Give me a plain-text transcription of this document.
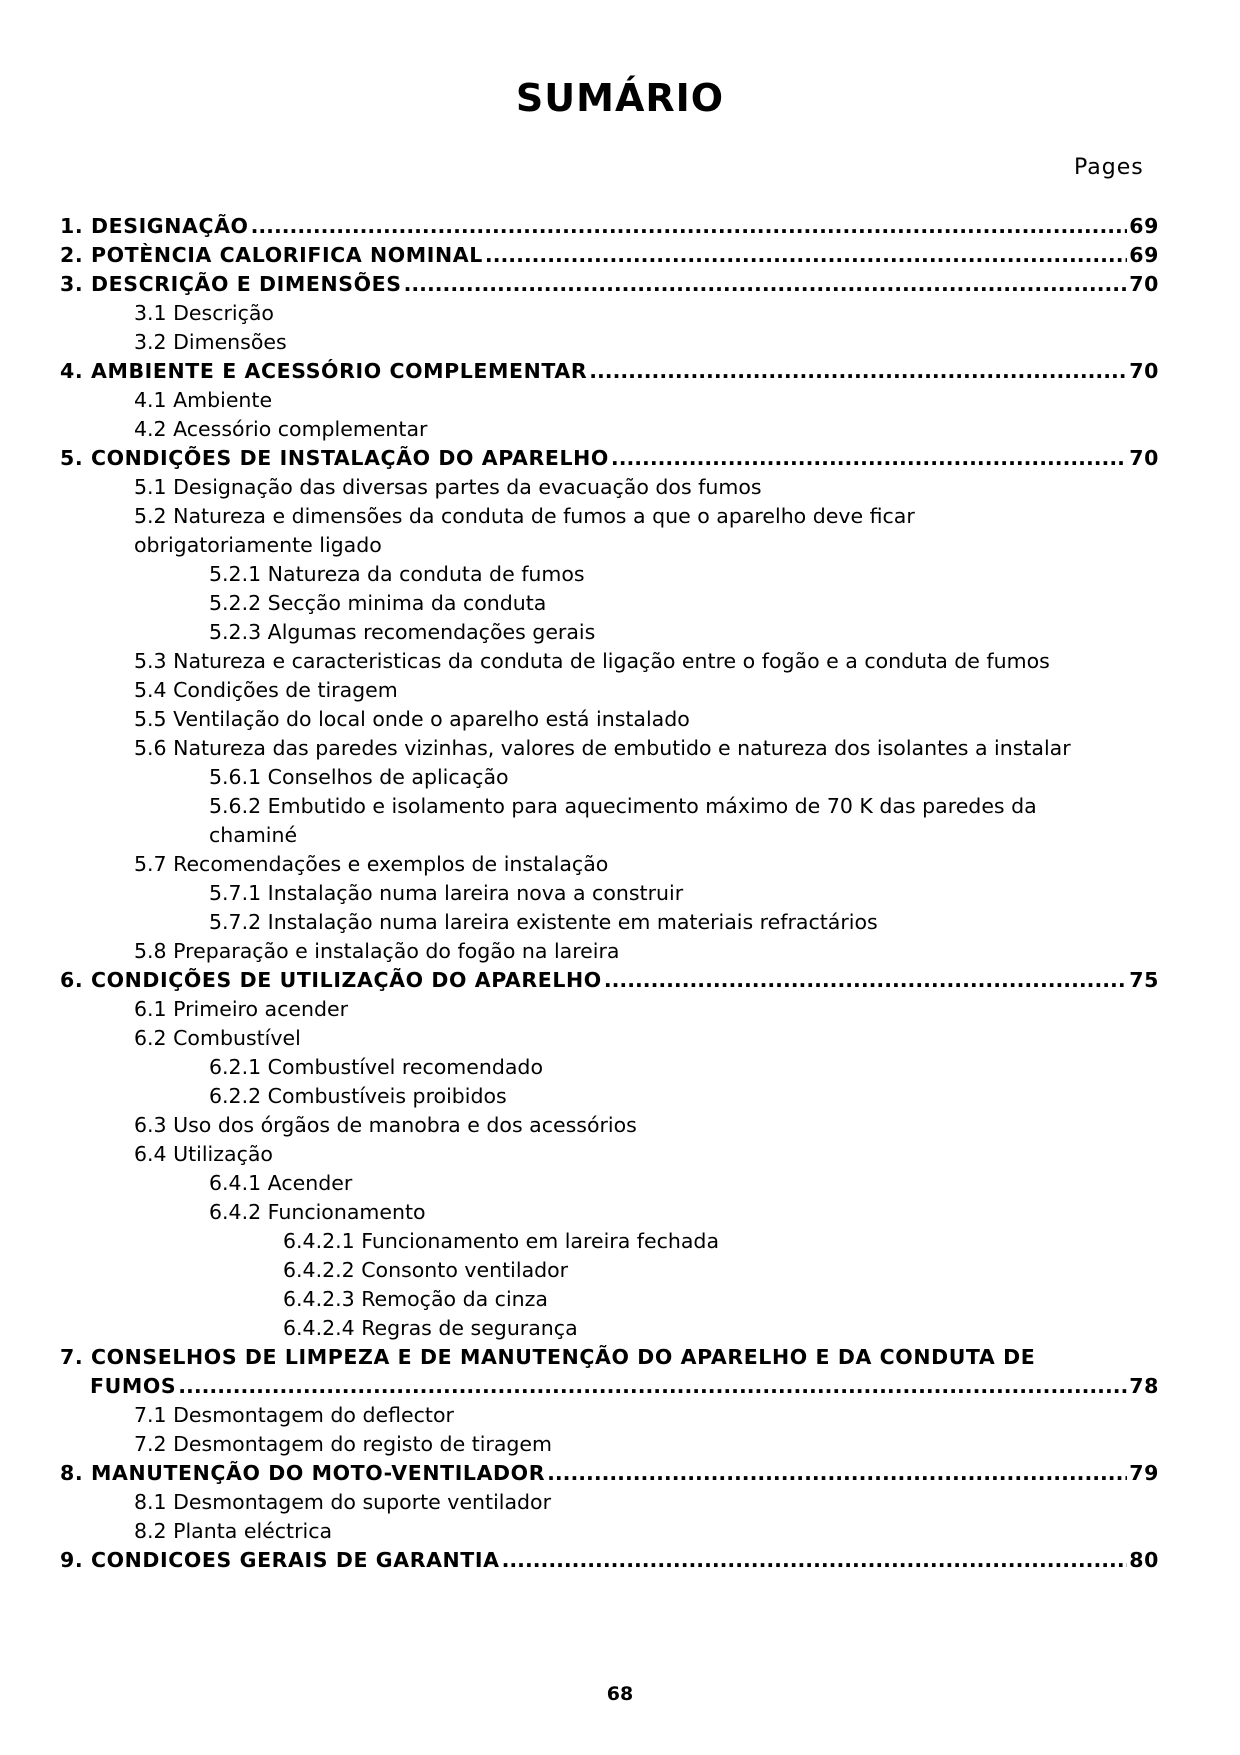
SUMÁRIO
Pages
1. DESIGNAÇÃO .....	69
2. POTÈNCIA CALORIFICA NOMINAL .....	69
3. DESCRIÇÃO E DIMENSÕES .....	70
3.1 Descrição
3.2 Dimensões
4. AMBIENTE E ACESSÓRIO COMPLEMENTAR .....	70
4.1 Ambiente
4.2 Acessório complementar
5. CONDIÇÕES DE INSTALAÇÃO DO APARELHO .....	70
5.1 Designação das diversas partes da evacuação dos fumos
5.2 Natureza e dimensões da conduta de fumos a que o aparelho deve ficar
obrigatoriamente ligado
5.2.1 Natureza da conduta de fumos
5.2.2 Secção minima da conduta
5.2.3 Algumas recomendações gerais
5.3 Natureza e caracteristicas da conduta de ligação entre o fogão e a conduta de fumos
5.4 Condições de tiragem
5.5 Ventilação do local onde o aparelho está instalado
5.6 Natureza das paredes vizinhas, valores de embutido e natureza dos isolantes a instalar
5.6.1 Conselhos de aplicação
5.6.2 Embutido e isolamento para aquecimento máximo de 70 K das paredes da
chaminé
5.7 Recomendações e exemplos de instalação
5.7.1 Instalação numa lareira nova a construir
5.7.2 Instalação numa lareira existente em materiais refractários
5.8 Preparação e instalação do fogão na lareira
6. CONDIÇÕES DE UTILIZAÇÃO DO APARELHO .....	75
6.1 Primeiro acender
6.2 Combustível
6.2.1 Combustível recomendado
6.2.2 Combustíveis proibidos
6.3 Uso dos órgãos de manobra e dos acessórios
6.4 Utilização
6.4.1 Acender
6.4.2 Funcionamento
6.4.2.1 Funcionamento em lareira fechada
6.4.2.2 Consonto ventilador
6.4.2.3 Remoção da cinza
6.4.2.4 Regras de segurança
7. CONSELHOS DE LIMPEZA E DE MANUTENÇÃO DO APARELHO E DA CONDUTA DE
FUMOS .....	78
7.1 Desmontagem do deflector
7.2 Desmontagem do registo de tiragem
8. MANUTENÇÃO DO MOTO-VENTILADOR .....	79
8.1 Desmontagem do suporte ventilador
8.2 Planta eléctrica
9. CONDICOES GERAIS DE GARANTIA .....	80
68
